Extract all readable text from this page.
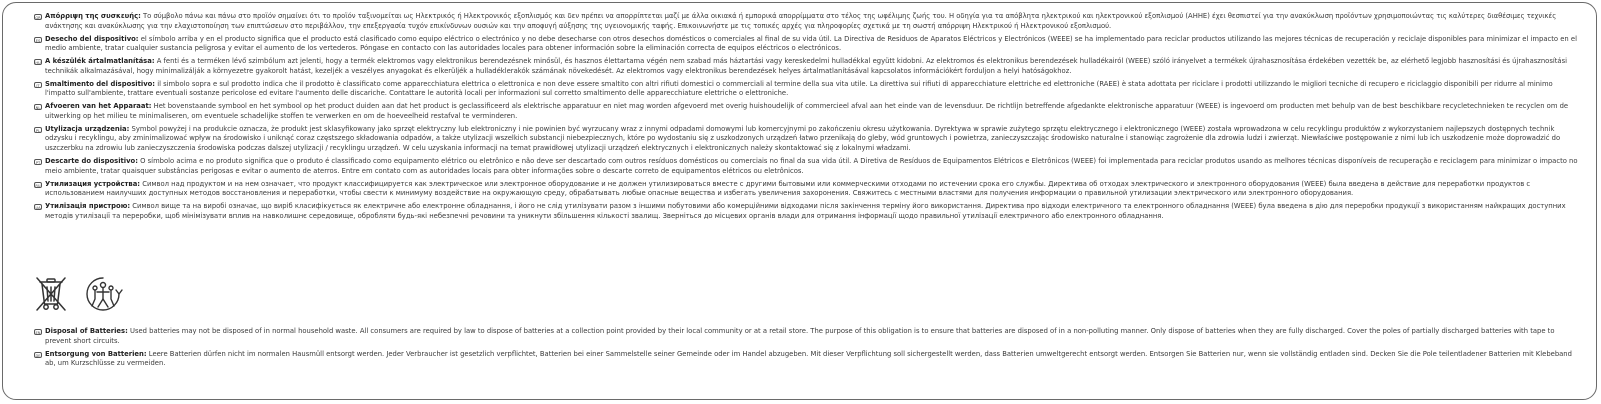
GR Απόρριψη της συσκευής: Το σύμβολο πάνω και πάνω στο προϊόν σημαίνει ότι το προϊόν ταξινομείται ως Ηλεκτρικός ή Ηλεκτρονικός εξοπλισμός και δεν πρέπει να απορρίπτεται μαζί με άλλα οικιακά ή εμπορικά απορρίμματα στο τέλος της ωφέλιμης ζωής του. Η οδηγία για τα απόβλητα ηλεκτρικού και ηλεκτρονικού εξοπλισμού (AHHE) έχει θεσπιστεί για την ανακύκλωση προϊόντων χρησιμοποιώντας τις καλύτερες διαθέσιμες τεχνικές ανάκτησης και ανακύκλωσης για την ελαχιστοποίηση των επιπτώσεων στο περιβάλλον, την επεξεργασία τυχόν επικίνδυνων ουσιών και την αποφυγή αύξησης της υγειονομικής ταφής. Επικοινωνήστε με τις τοπικές αρχές για πληροφορίες σχετικά με τη σωστή απόρριψη Ηλεκτρικού ή Ηλεκτρονικού εξοπλισμού.
ES Desecho del dispositivo: el símbolo arriba y en el producto significa que el producto está clasificado como equipo eléctrico o electrónico y no debe desecharse con otros desechos domésticos o comerciales al final de su vida útil. La Directiva de Residuos de Aparatos Eléctricos y Electrónicos (WEEE) se ha implementado para reciclar productos utilizando las mejores técnicas de recuperación y reciclaje disponibles para minimizar el impacto en el medio ambiente, tratar cualquier sustancia peligrosa y evitar el aumento de los vertederos. Póngase en contacto con las autoridades locales para obtener información sobre la eliminación correcta de equipos eléctricos o electrónicos.
HU A készülék ártalmatlanítása: A fenti és a terméken lévő szimbólum azt jelenti, hogy a termék elektromos vagy elektronikus berendezésnek minősül, és hasznos élettartama végén nem szabad más háztartási vagy kereskedelmi hulladékkal együtt kidobni. Az elektromos és elektronikus berendezések hulladékairól (WEEE) szóló irányelvet a termékek újrahasznosítása érdekében vezették be, az elérhető legjobb hasznosítási és újrahasznosítási technikák alkalmazásával, hogy minimalizálják a környezetre gyakorolt hatást, kezeljék a veszélyes anyagokat és elkerüljék a hulladéklerakók számának növekedését. Az elektromos vagy elektronikus berendezések helyes ártalmatlanításával kapcsolatos információkért forduljon a helyi hatóságokhoz.
IT Smaltimento del dispositivo: il simbolo sopra e sul prodotto indica che il prodotto è classificato come apparecchiatura elettrica o elettronica e non deve essere smaltito con altri rifiuti domestici o commerciali al termine della sua vita utile. La direttiva sui rifiuti di apparecchiature elettriche ed elettroniche (RAEE) è stata adottata per riciclare i prodotti utilizzando le migliori tecniche di recupero e riciclaggio disponibili per ridurre al minimo l'impatto sull'ambiente, trattare eventuali sostanze pericolose ed evitare l'aumento delle discariche. Contattare le autorità locali per informazioni sul corretto smaltimento delle apparecchiature elettriche o elettroniche.
NL Afvoeren van het Apparaat: Het bovenstaande symbool en het symbool op het product duiden aan dat het product is geclassificeerd als elektrische apparatuur en niet mag worden afgevoerd met overig huishoudelijk of commercieel afval aan het einde van de levensduur. De richtlijn betreffende afgedankte elektronische apparatuur (WEEE) is ingevoerd om producten met behulp van de best beschikbare recycletechnieken te recyclen om de uitwerking op het milieu te minimaliseren, om eventuele schadelijke stoffen te verwerken en om de hoeveelheid restafval te verminderen.
PL Utylizacja urządzenia: Symbol powyżej i na produkcie oznacza, że produkt jest sklasyfikowany jako sprzęt elektryczny lub elektroniczny i nie powinien być wyrzucany wraz z innymi odpadami domowymi lub komercyjnymi po zakończeniu okresu użytkowania. Dyrektywa w sprawie zużytego sprzętu elektrycznego i elektronicznego (WEEE) została wprowadzona w celu recyklingu produktów z wykorzystaniem najlepszych dostępnych technik odzysku i recyklingu, aby zminimalizować wpływ na środowisko i uniknąć coraz częstszego składowania odpadów, a także utylizacji wszelkich substancji niebezpiecznych, które po wydostaniu się z uszkodzonych urządzeń łatwo przenikają do gleby, wód gruntowych i powietrza, zanieczyszczając środowisko naturalne i stanowiąc zagrożenie dla zdrowia ludzi i zwierząt. Niewłaściwe postępowanie z nimi lub ich uszkodzenie może doprowadzić do uszczerbku na zdrowiu lub zanieczyszczenia środowiska podczas dalszej utylizacji / recyklingu urządzeń. W celu uzyskania informacji na temat prawidłowej utylizacji urządzeń elektrycznych i elektronicznych należy skontaktować się z lokalnymi władzami.
PT Descarte do dispositivo: O símbolo acima e no produto significa que o produto é classificado como equipamento elétrico ou eletrônico e não deve ser descartado com outros resíduos domésticos ou comerciais no final da sua vida útil. A Diretiva de Resíduos de Equipamentos Elétricos e Eletrônicos (WEEE) foi implementada para reciclar produtos usando as melhores técnicas disponíveis de recuperação e reciclagem para minimizar o impacto no meio ambiente, tratar quaisquer substâncias perigosas e evitar o aumento de aterros. Entre em contato com as autoridades locais para obter informações sobre o descarte correto de equipamentos elétricos ou eletrônicos.
RU Утилизация устройства: Символ над продуктом и на нем означает, что продукт классифицируется как электрическое или электронное оборудование и не должен утилизироваться вместе с другими бытовыми или коммерческими отходами по истечении срока его службы. Директива об отходах электрического и электронного оборудования (WEEE) была введена в действие для переработки продуктов с использованием наилучших доступных методов восстановления и переработки, чтобы свести к минимуму воздействие на окружающую среду, обрабатывать любые опасные вещества и избегать увеличения захоронения. Свяжитесь с местными властями для получения информации о правильной утилизации электрического или электронного оборудования.
UA Утилізація пристрою: Символ вище та на виробі означає, що виріб класифікується як електричне або електронне обладнання, і його не слід утилізувати разом з іншими побутовими або комерційними відходами після закінчення терміну його використання. Директива про відходи електричного та електронного обладнання (WEEE) була введена в дію для переробки продукції з використанням найкращих доступних методів утилізації та переробки, щоб мінімізувати вплив на навколишнє середовище, обробляти будь-які небезпечні речовини та уникнути збільшення кількості звалищ. Зверніться до місцевих органів влади для отримання інформації щодо правильної утилізації електричного або електронного обладнання.
EN Disposal of Batteries: Used batteries may not be disposed of in normal household waste. All consumers are required by law to dispose of batteries at a collection point provided by their local community or at a retail store. The purpose of this obligation is to ensure that batteries are disposed of in a non-polluting manner. Only dispose of batteries when they are fully discharged. Cover the poles of partially discharged batteries with tape to prevent short circuits.
DE Entsorgung von Batterien: Leere Batterien dürfen nicht im normalen Hausmüll entsorgt werden. Jeder Verbraucher ist gesetzlich verpflichtet, Batterien bei einer Sammelstelle seiner Gemeinde oder im Handel abzugeben. Mit dieser Verpflichtung soll sichergestellt werden, dass Batterien umweltgerecht entsorgt werden. Entsorgen Sie Batterien nur, wenn sie vollständig entladen sind. Decken Sie die Pole teilentladener Batterien mit Klebeband ab, um Kurzschlüsse zu vermeiden.
